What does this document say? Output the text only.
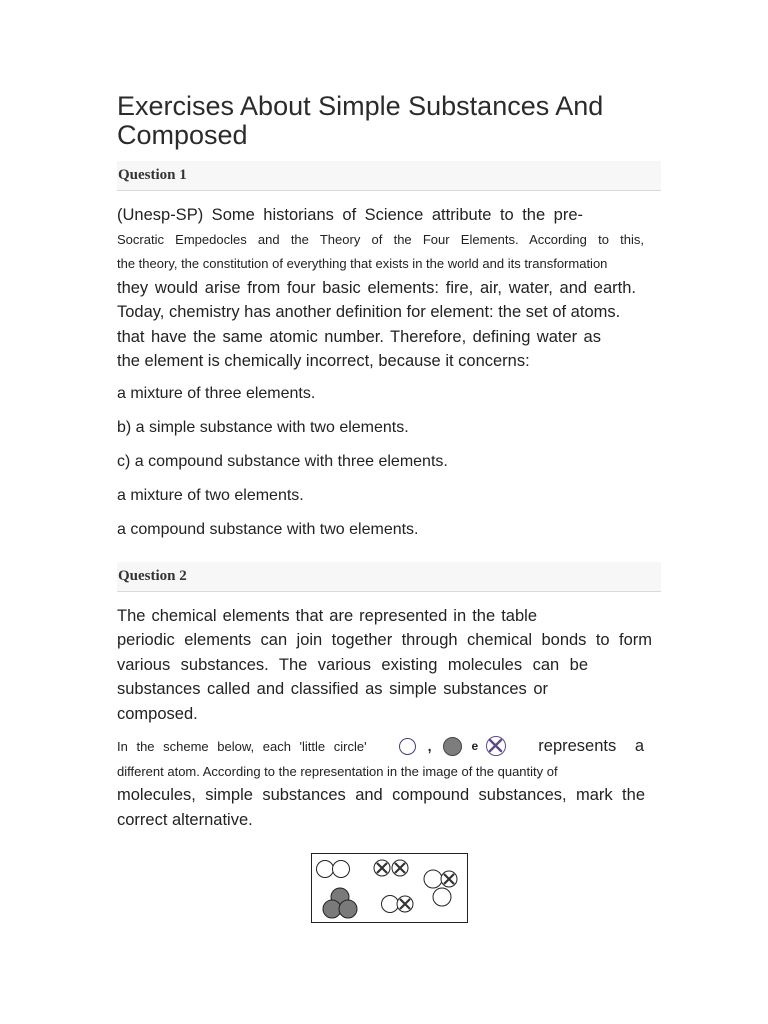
Exercises About Simple Substances And Composed
Question 1
(Unesp-SP) Some historians of Science attribute to the pre-
Socratic Empedocles and the Theory of the Four Elements. According to this,
the theory, the constitution of everything that exists in the world and its transformation
they would arise from four basic elements: fire, air, water, and earth.
Today, chemistry has another definition for element: the set of atoms.
that have the same atomic number. Therefore, defining water as
the element is chemically incorrect, because it concerns:

a mixture of three elements.

b) a simple substance with two elements.

c) a compound substance with three elements.

a mixture of two elements.

a compound substance with two elements.

Question 2
The chemical elements that are represented in the table
periodic elements can join together through chemical bonds to form
various substances. The various existing molecules can be
substances called and classified as simple substances or
composed.
In the scheme below, each 'little circle'	,	e	represents a
different atom. According to the representation in the image of the quantity of
molecules, simple substances and compound substances, mark the
correct alternative.
